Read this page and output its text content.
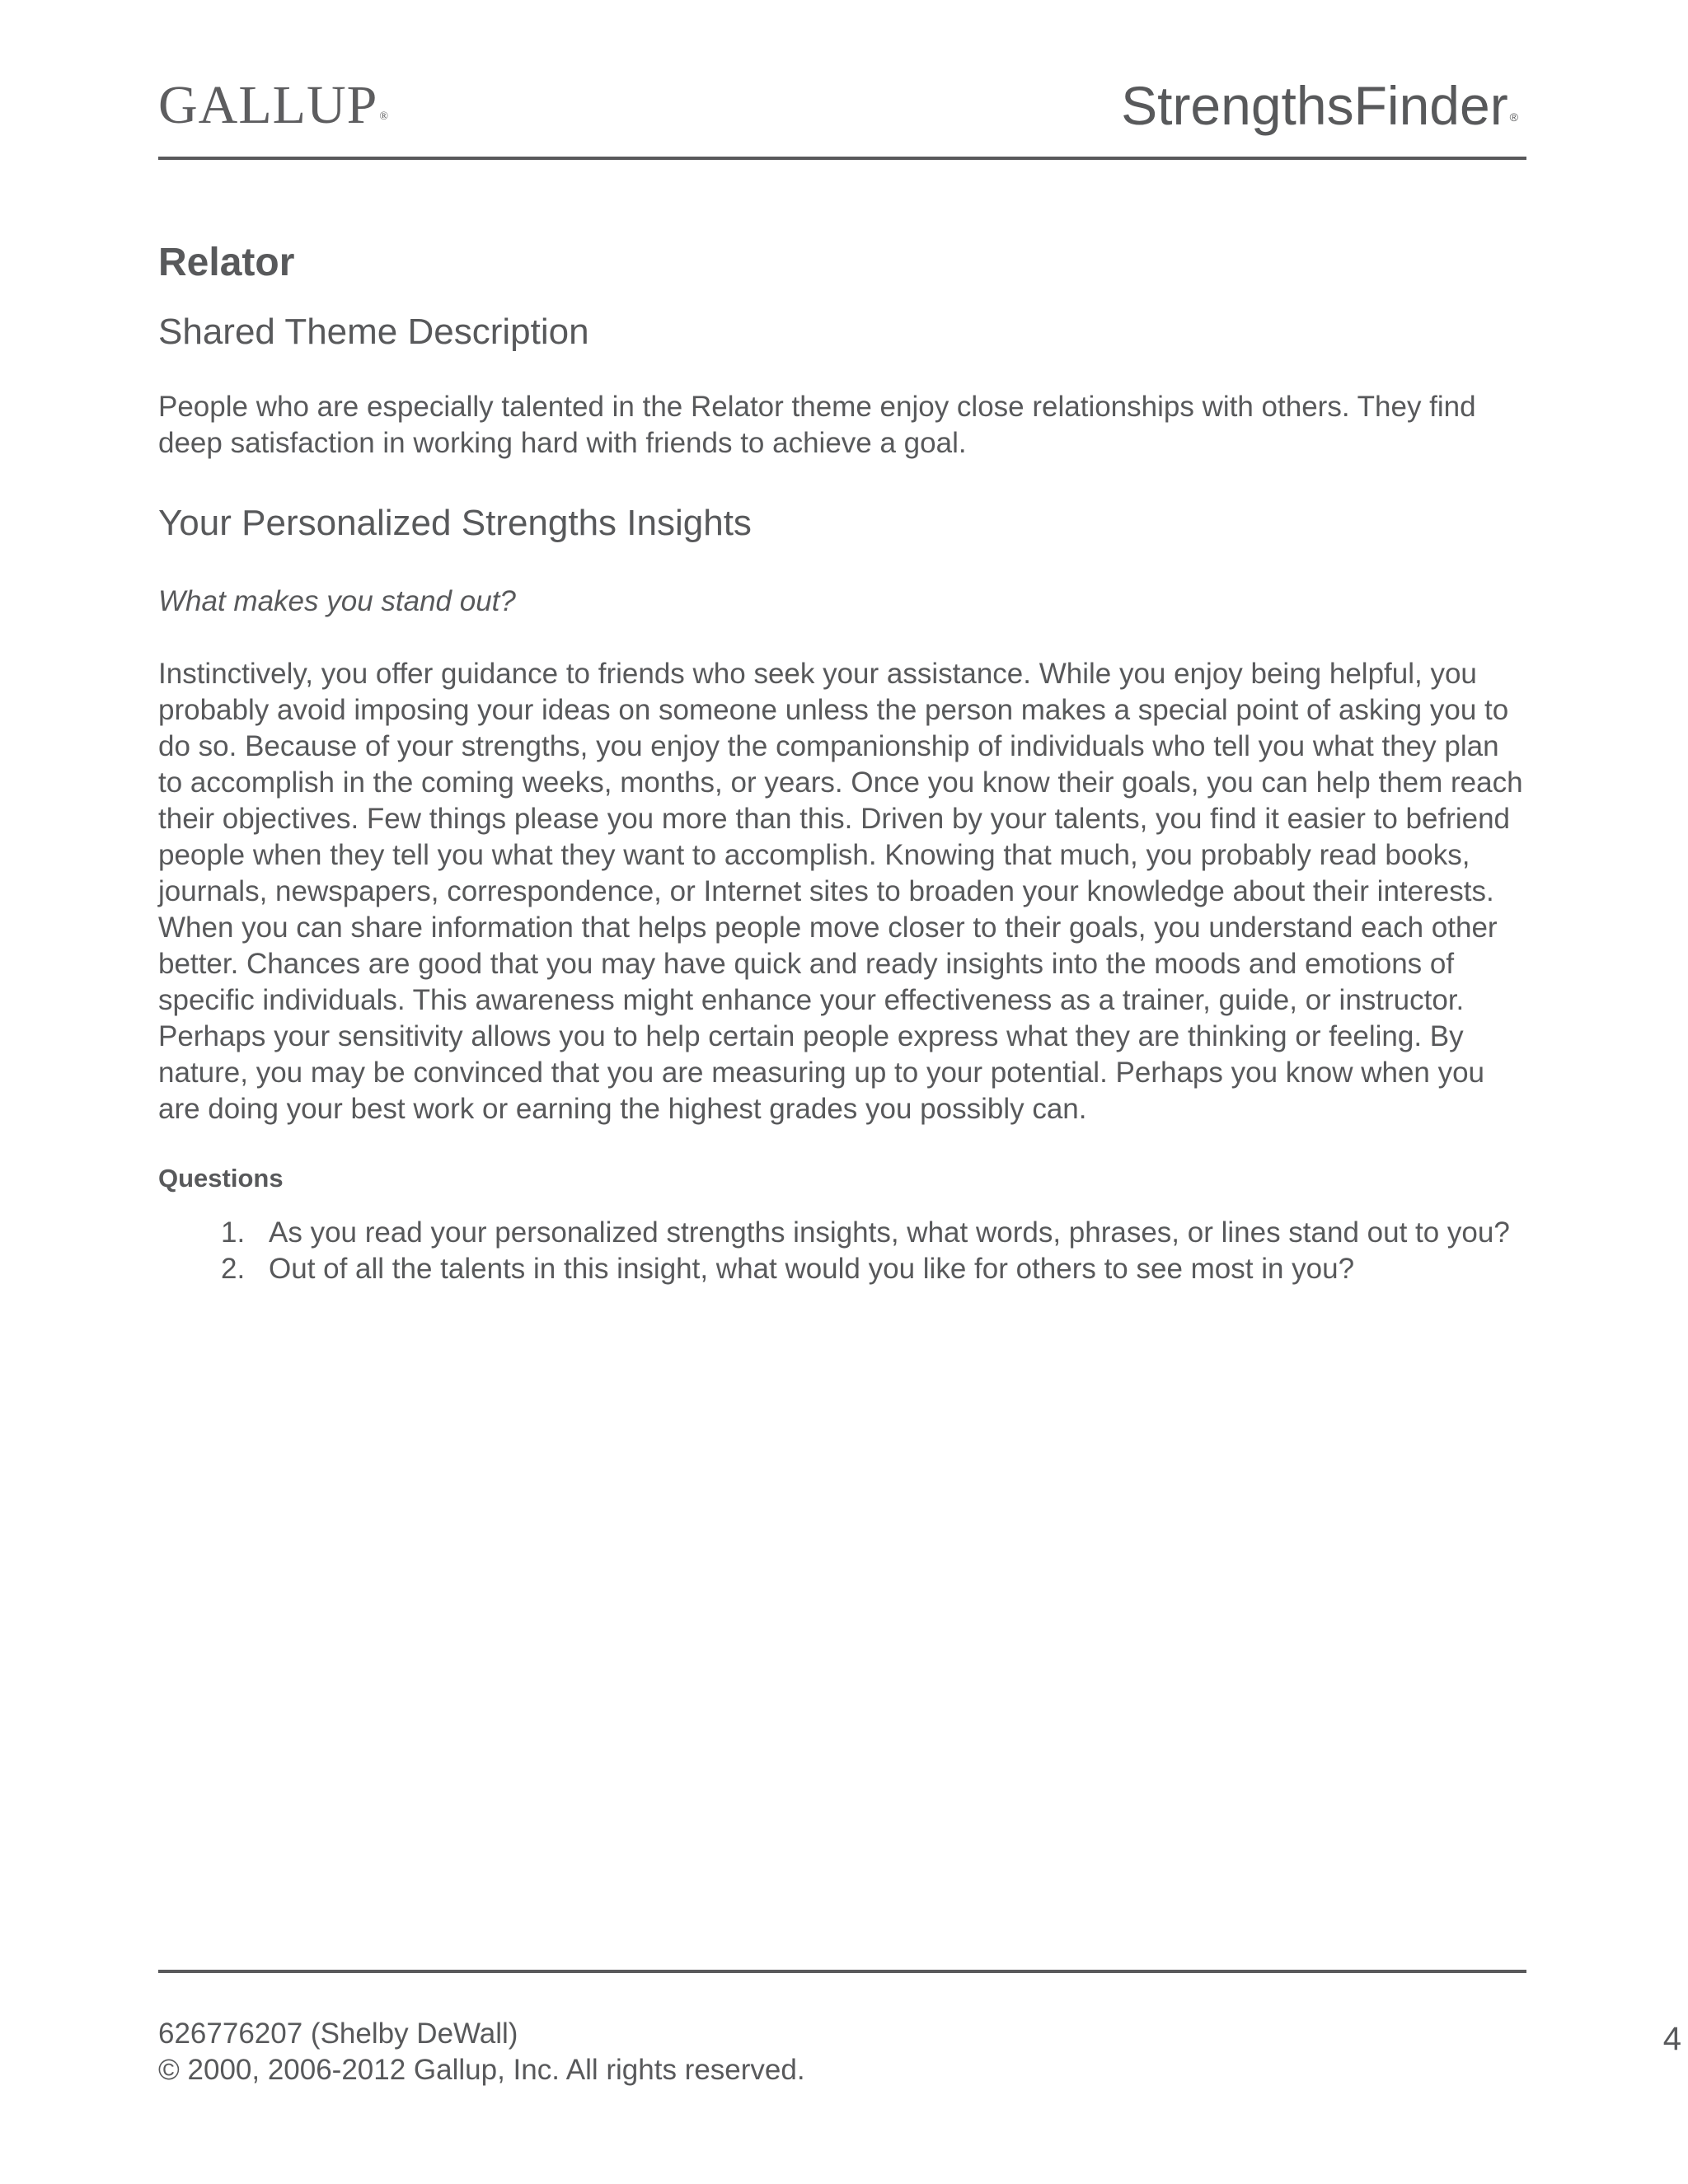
GALLUP ®	StrengthsFinder ®
Relator
Shared Theme Description

People who are especially talented in the Relator theme enjoy close relationships with others. They find deep satisfaction in working hard with friends to achieve a goal.

Your Personalized Strengths Insights

What makes you stand out?

Instinctively, you offer guidance to friends who seek your assistance. While you enjoy being helpful, you probably avoid imposing your ideas on someone unless the person makes a special point of asking you to do so. Because of your strengths, you enjoy the companionship of individuals who tell you what they plan to accomplish in the coming weeks, months, or years. Once you know their goals, you can help them reach their objectives. Few things please you more than this. Driven by your talents, you find it easier to befriend people when they tell you what they want to accomplish. Knowing that much, you probably read books, journals, newspapers, correspondence, or Internet sites to broaden your knowledge about their interests. When you can share information that helps people move closer to their goals, you understand each other better. Chances are good that you may have quick and ready insights into the moods and emotions of specific individuals. This awareness might enhance your effectiveness as a trainer, guide, or instructor. Perhaps your sensitivity allows you to help certain people express what they are thinking or feeling. By nature, you may be convinced that you are measuring up to your potential. Perhaps you know when you are doing your best work or earning the highest grades you possibly can.

Questions
1. As you read your personalized strengths insights, what words, phrases, or lines stand out to you?
2. Out of all the talents in this insight, what would you like for others to see most in you?
626776207 (Shelby DeWall)
© 2000, 2006-2012 Gallup, Inc. All rights reserved.
4
